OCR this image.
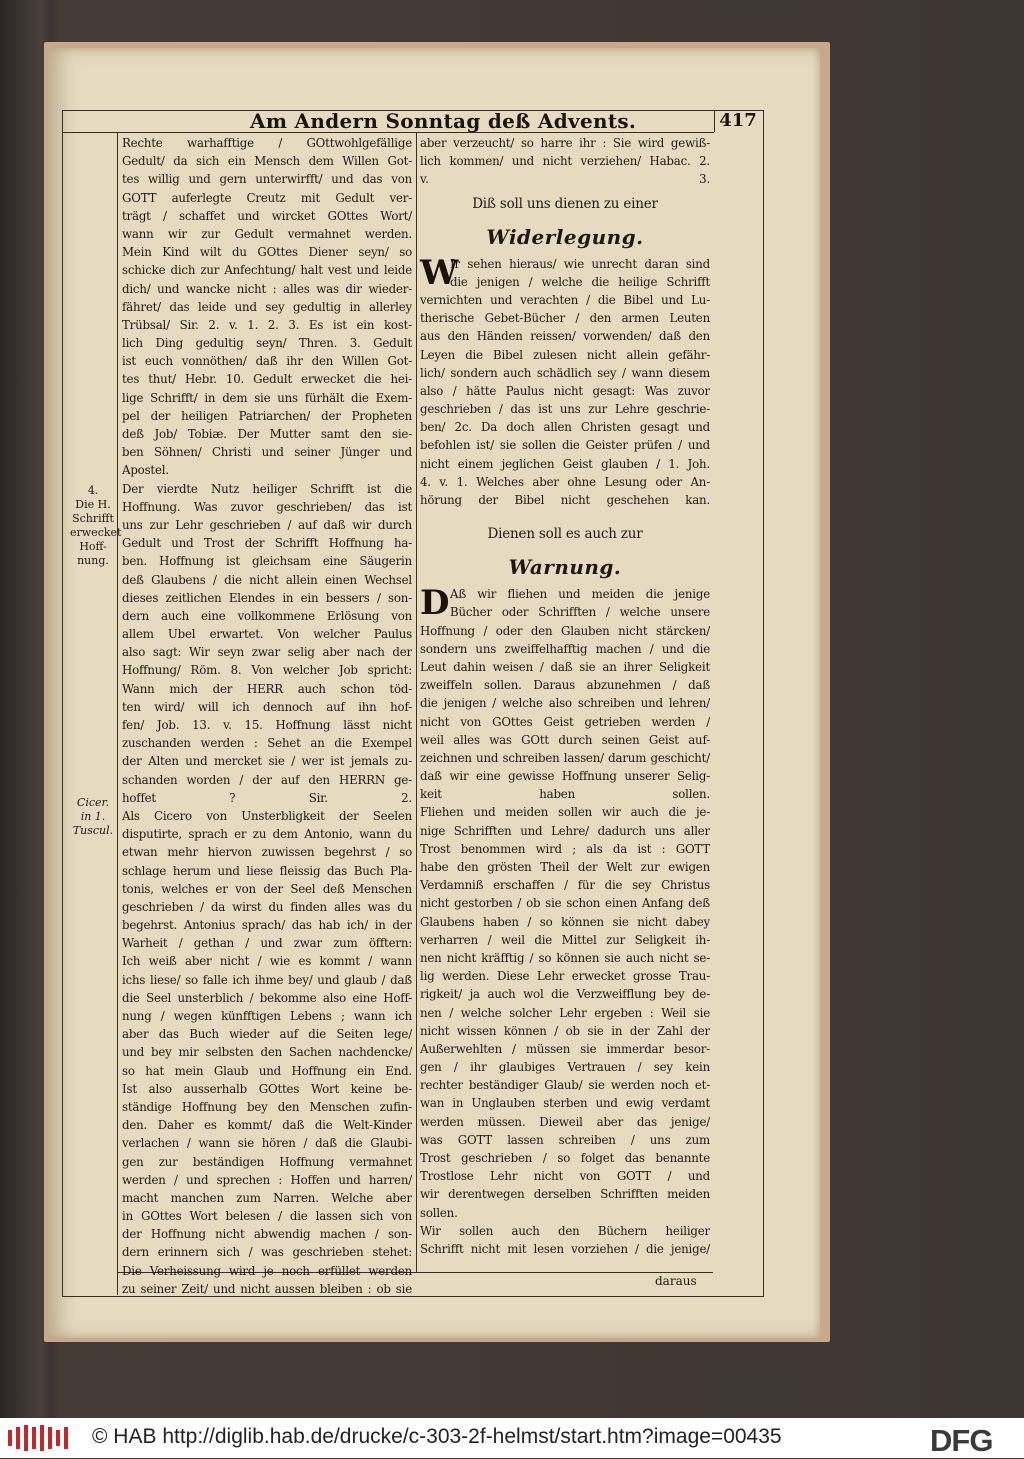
Am Andern Sonntag deß Advents.	417
4.
Die H.
Schrifft
erwecket
Hoff-
nung.
Cicer.
in 1.
Tuscul.
Rechte warhafftige / GOttwohlgefällige
Gedult/ da sich ein Mensch dem Willen Got-
tes willig und gern unterwirfft/ und das von
GOTT auferlegte Creutz mit Gedult ver-
trägt / schaffet und wircket GOttes Wort/
wann wir zur Gedult vermahnet werden.
Mein Kind wilt du GOttes Diener seyn/ so
schicke dich zur Anfechtung/ halt vest und leide
dich/ und wancke nicht : alles was dir wieder-
fähret/ das leide und sey gedultig in allerley
Trübsal/ Sir. 2. v. 1. 2. 3. Es ist ein kost-
lich Ding gedultig seyn/ Thren. 3. Gedult
ist euch vonnöthen/ daß ihr den Willen Got-
tes thut/ Hebr. 10. Gedult erwecket die hei-
lige Schrifft/ in dem sie uns fürhält die Exem-
pel der heiligen Patriarchen/ der Propheten
deß Job/ Tobiæ. Der Mutter samt den sie-
ben Söhnen/ Christi und seiner Jünger und
Apostel.
Der vierdte Nutz heiliger Schrifft ist die
Hoffnung. Was zuvor geschrieben/ das ist
uns zur Lehr geschrieben / auf daß wir durch
Gedult und Trost der Schrifft Hoffnung ha-
ben. Hoffnung ist gleichsam eine Säugerin
deß Glaubens / die nicht allein einen Wechsel
dieses zeitlichen Elendes in ein bessers / son-
dern auch eine vollkommene Erlösung von
allem Ubel erwartet. Von welcher Paulus
also sagt: Wir seyn zwar selig aber nach der
Hoffnung/ Röm. 8. Von welcher Job spricht:
Wann mich der HERR auch schon töd-
ten wird/ will ich dennoch auf ihn hof-
fen/ Job. 13. v. 15. Hoffnung lässt nicht
zuschanden werden : Sehet an die Exempel
der Alten und mercket sie / wer ist jemals zu-
schanden worden / der auf den HERRN ge-
hoffet ? Sir. 2.
Als Cicero von Unsterbligkeit der Seelen
disputirte, sprach er zu dem Antonio, wann du
etwan mehr hiervon zuwissen begehrst / so
schlage herum und liese fleissig das Buch Pla-
tonis, welches er von der Seel deß Menschen
geschrieben / da wirst du finden alles was du
begehrst. Antonius sprach/ das hab ich/ in der
Warheit / gethan / und zwar zum öfftern:
Ich weiß aber nicht / wie es kommt / wann
ichs liese/ so falle ich ihme bey/ und glaub / daß
die Seel unsterblich / bekomme also eine Hoff-
nung / wegen künfftigen Lebens ; wann ich
aber das Buch wieder auf die Seiten lege/
und bey mir selbsten den Sachen nachdencke/
so hat mein Glaub und Hoffnung ein End.
Ist also ausserhalb GOttes Wort keine be-
ständige Hoffnung bey den Menschen zufin-
den. Daher es kommt/ daß die Welt-Kinder
verlachen / wann sie hören / daß die Glaubi-
gen zur beständigen Hoffnung vermahnet
werden / und sprechen : Hoffen und harren/
macht manchen zum Narren. Welche aber
in GOttes Wort belesen / die lassen sich von
der Hoffnung nicht abwendig machen / son-
dern erinnern sich / was geschrieben stehet:
Die Verheissung wird je noch erfüllet werden
zu seiner Zeit/ und nicht aussen bleiben : ob sie
aber verzeucht/ so harre ihr : Sie wird gewiß-
lich kommen/ und nicht verziehen/ Habac. 2.
v. 3.
Diß soll uns dienen zu einer
Widerlegung.
W
Ir sehen hieraus/ wie unrecht daran sind
die jenigen / welche die heilige Schrifft
vernichten und verachten / die Bibel und Lu-
therische Gebet-Bücher / den armen Leuten
aus den Händen reissen/ vorwenden/ daß den
Leyen die Bibel zulesen nicht allein gefähr-
lich/ sondern auch schädlich sey / wann diesem
also / hätte Paulus nicht gesagt: Was zuvor
geschrieben / das ist uns zur Lehre geschrie-
ben/ 2c. Da doch allen Christen gesagt und
befohlen ist/ sie sollen die Geister prüfen / und
nicht einem jeglichen Geist glauben / 1. Joh.
4. v. 1. Welches aber ohne Lesung oder An-
hörung der Bibel nicht geschehen kan.
Dienen soll es auch zur
Warnung.
D Aß wir fliehen und meiden die jenige
Bücher oder Schrifften / welche unsere
Hoffnung / oder den Glauben nicht stärcken/
sondern uns zweiffelhafftig machen / und die
Leut dahin weisen / daß sie an ihrer Seligkeit
zweiffeln sollen. Daraus abzunehmen / daß
die jenigen / welche also schreiben und lehren/
nicht von GOttes Geist getrieben werden /
weil alles was GOtt durch seinen Geist auf-
zeichnen und schreiben lassen/ darum geschicht/
daß wir eine gewisse Hoffnung unserer Selig-
keit haben sollen.
Fliehen und meiden sollen wir auch die je-
nige Schrifften und Lehre/ dadurch uns aller
Trost benommen wird ; als da ist : GOTT
habe den grösten Theil der Welt zur ewigen
Verdamniß erschaffen / für die sey Christus
nicht gestorben / ob sie schon einen Anfang deß
Glaubens haben / so können sie nicht dabey
verharren / weil die Mittel zur Seligkeit ih-
nen nicht kräfftig / so können sie auch nicht se-
lig werden. Diese Lehr erwecket grosse Trau-
rigkeit/ ja auch wol die Verzweifflung bey de-
nen / welche solcher Lehr ergeben : Weil sie
nicht wissen können / ob sie in der Zahl der
Außerwehlten / müssen sie immerdar besor-
gen / ihr glaubiges Vertrauen / sey kein
rechter beständiger Glaub/ sie werden noch et-
wan in Unglauben sterben und ewig verdamt
werden müssen. Dieweil aber das jenige/
was GOTT lassen schreiben / uns zum
Trost geschrieben / so folget das benannte
Trostlose Lehr nicht von GOTT / und
wir derentwegen derselben Schrifften meiden
sollen.
Wir sollen auch den Büchern heiliger
Schrifft nicht mit lesen vorziehen / die jenige/
daraus
© HAB http://diglib.hab.de/drucke/c-303-2f-helmst/start.htm?image=00435	DFG
